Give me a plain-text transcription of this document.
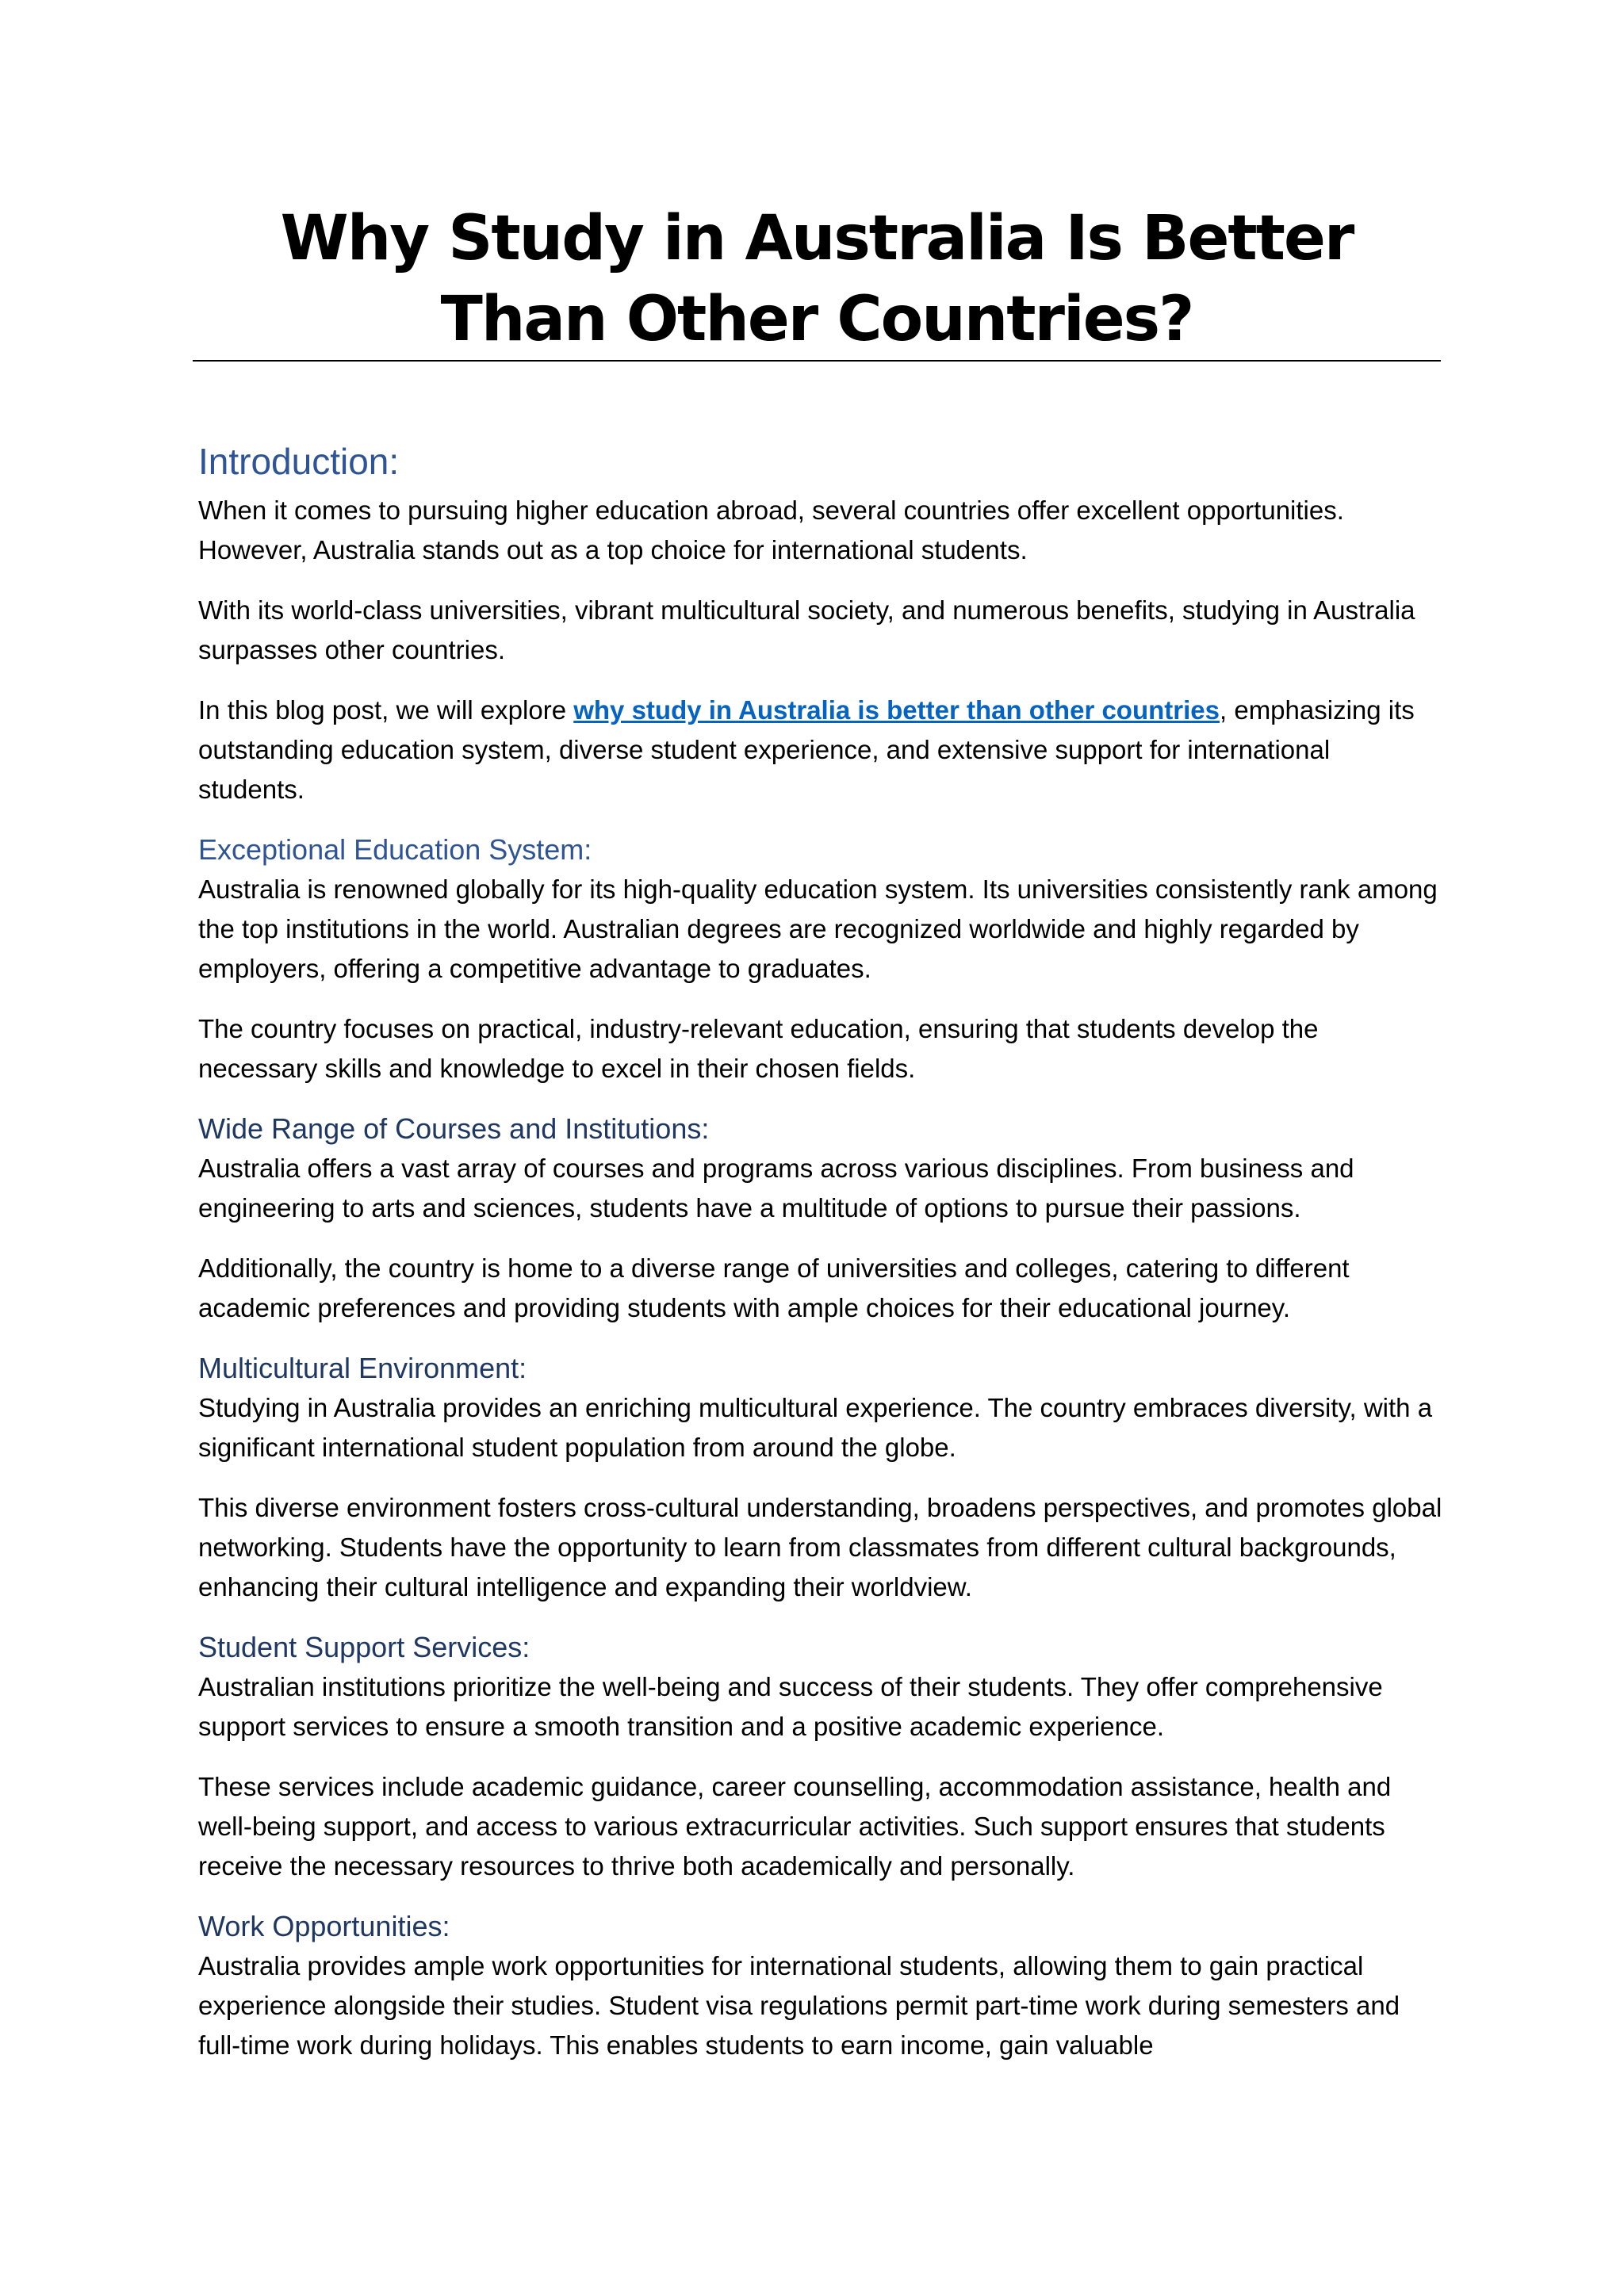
Why Study in Australia Is Better Than Other Countries?
Introduction:

When it comes to pursuing higher education abroad, several countries offer excellent opportunities. However, Australia stands out as a top choice for international students.

With its world-class universities, vibrant multicultural society, and numerous benefits, studying in Australia surpasses other countries.

In this blog post, we will explore why study in Australia is better than other countries, emphasizing its outstanding education system, diverse student experience, and extensive support for international students.

Exceptional Education System:

Australia is renowned globally for its high-quality education system. Its universities consistently rank among the top institutions in the world. Australian degrees are recognized worldwide and highly regarded by employers, offering a competitive advantage to graduates.

The country focuses on practical, industry-relevant education, ensuring that students develop the necessary skills and knowledge to excel in their chosen fields.

Wide Range of Courses and Institutions:

Australia offers a vast array of courses and programs across various disciplines. From business and engineering to arts and sciences, students have a multitude of options to pursue their passions.

Additionally, the country is home to a diverse range of universities and colleges, catering to different academic preferences and providing students with ample choices for their educational journey.

Multicultural Environment:

Studying in Australia provides an enriching multicultural experience. The country embraces diversity, with a significant international student population from around the globe.

This diverse environment fosters cross-cultural understanding, broadens perspectives, and promotes global networking. Students have the opportunity to learn from classmates from different cultural backgrounds, enhancing their cultural intelligence and expanding their worldview.

Student Support Services:

Australian institutions prioritize the well-being and success of their students. They offer comprehensive support services to ensure a smooth transition and a positive academic experience.

These services include academic guidance, career counselling, accommodation assistance, health and well-being support, and access to various extracurricular activities. Such support ensures that students receive the necessary resources to thrive both academically and personally.

Work Opportunities:

Australia provides ample work opportunities for international students, allowing them to gain practical experience alongside their studies. Student visa regulations permit part-time work during semesters and full-time work during holidays. This enables students to earn income, gain valuable
